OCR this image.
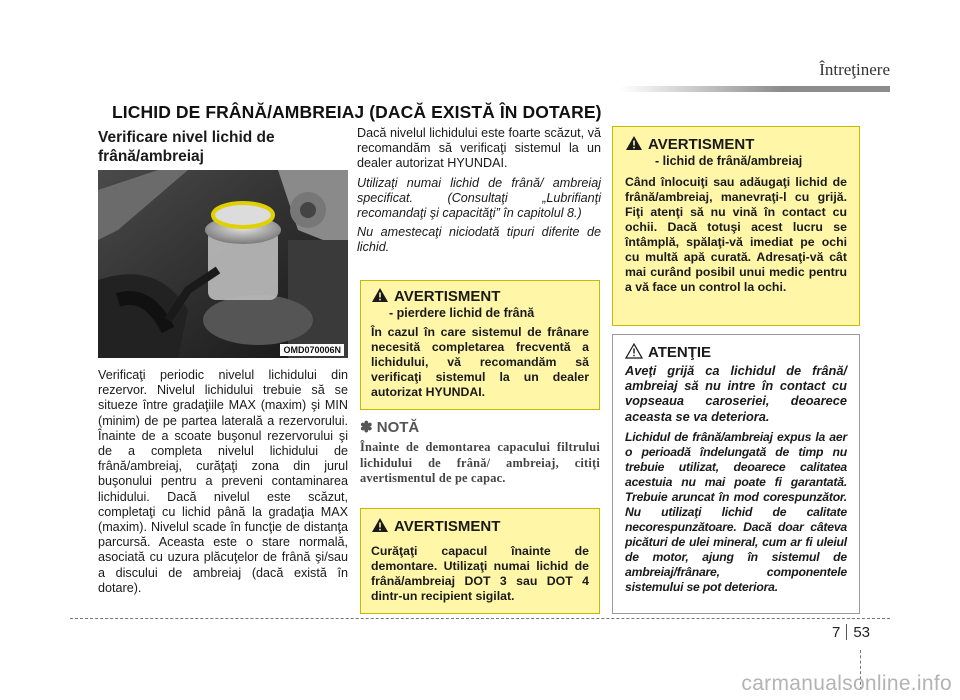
Întreţinere
LICHID DE FRÂNĂ/AMBREIAJ (DACĂ EXISTĂ ÎN DOTARE)
Verificare nivel lichid de frână/ambreiaj
OMD070006N
Verificaţi periodic nivelul lichidului din rezervor. Nivelul lichidului trebuie să se situeze între gradaţiile MAX (maxim) şi MIN (minim) de pe partea laterală a rezervorului. Înainte de a scoate buşonul rezervorului şi de a completa nivelul lichidului de frână/ambreiaj, curăţaţi zona din jurul buşonului pentru a preveni contaminarea lichidului. Dacă nivelul este scăzut, completaţi cu lichid până la gradaţia MAX (maxim). Nivelul scade în funcţie de distanţa parcursă. Aceasta este o stare normală, asociată cu uzura plăcuţelor de frână şi/sau a discului de ambreiaj (dacă există în dotare).

Dacă nivelul lichidului este foarte scăzut, vă recomandăm să verificaţi sistemul la un dealer autorizat HYUNDAI.

Utilizaţi numai lichid de frână/ ambreiaj specificat. (Consultaţi „Lubrifianţi recomandaţi şi capacităţi” în capitolul 8.)

Nu amestecaţi niciodată tipuri diferite de lichid.

AVERTISMENT
- pierdere lichid de frână
În cazul în care sistemul de frânare necesită completarea frecventă a lichidului, vă recomandăm să verificaţi sistemul la un dealer autorizat HYUNDAI.
✽ NOTĂ
Înainte de demontarea capacului filtrului lichidului de frână/ ambreiaj, citiţi avertismentul de pe capac.
AVERTISMENT
Curăţaţi capacul înainte de demontare. Utilizaţi numai lichid de frână/ambreiaj DOT 3 sau DOT 4 dintr-un recipient sigilat.
AVERTISMENT
- lichid de frână/ambreiaj
Când înlocuiţi sau adăugaţi lichid de frână/ambreiaj, manevraţi-l cu grijă. Fiţi atenţi să nu vină în contact cu ochii. Dacă totuşi acest lucru se întâmplă, spălaţi-vă imediat pe ochi cu multă apă curată. Adresaţi-vă cât mai curând posibil unui medic pentru a vă face un control la ochi.
ATENŢIE
Aveţi grijă ca lichidul de frână/ ambreiaj să nu intre în contact cu vopseaua caroseriei, deoarece aceasta se va deteriora.
Lichidul de frână/ambreiaj expus la aer o perioadă îndelungată de timp nu trebuie utilizat, deoarece calitatea acestuia nu mai poate fi garantată. Trebuie aruncat în mod corespunzător. Nu utilizaţi lichid de calitate necorespunzătoare. Dacă doar câteva picături de ulei mineral, cum ar fi uleiul de motor, ajung în sistemul de ambreiaj/frânare, componentele sistemului se pot deteriora.
7 53
carmanualsonline.info
